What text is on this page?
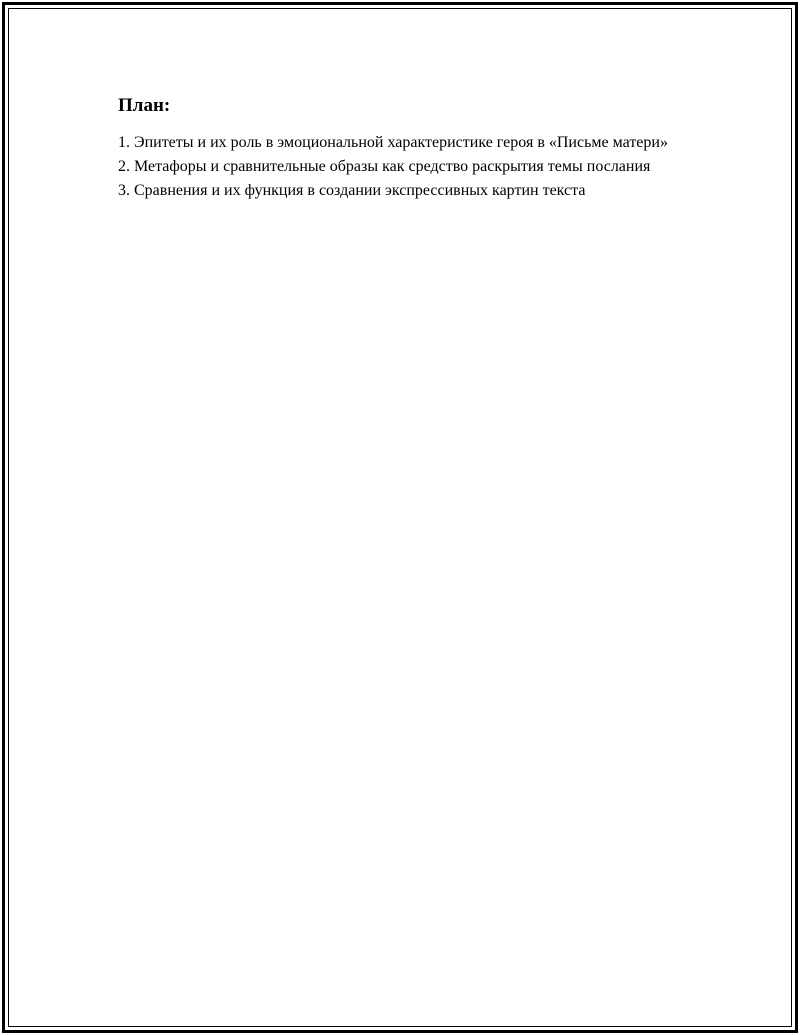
План:
1. Эпитеты и их роль в эмоциональной характеристике героя в «Письме матери»
2. Метафоры и сравнительные образы как средство раскрытия темы послания
3. Сравнения и их функция в создании экспрессивных картин текста
